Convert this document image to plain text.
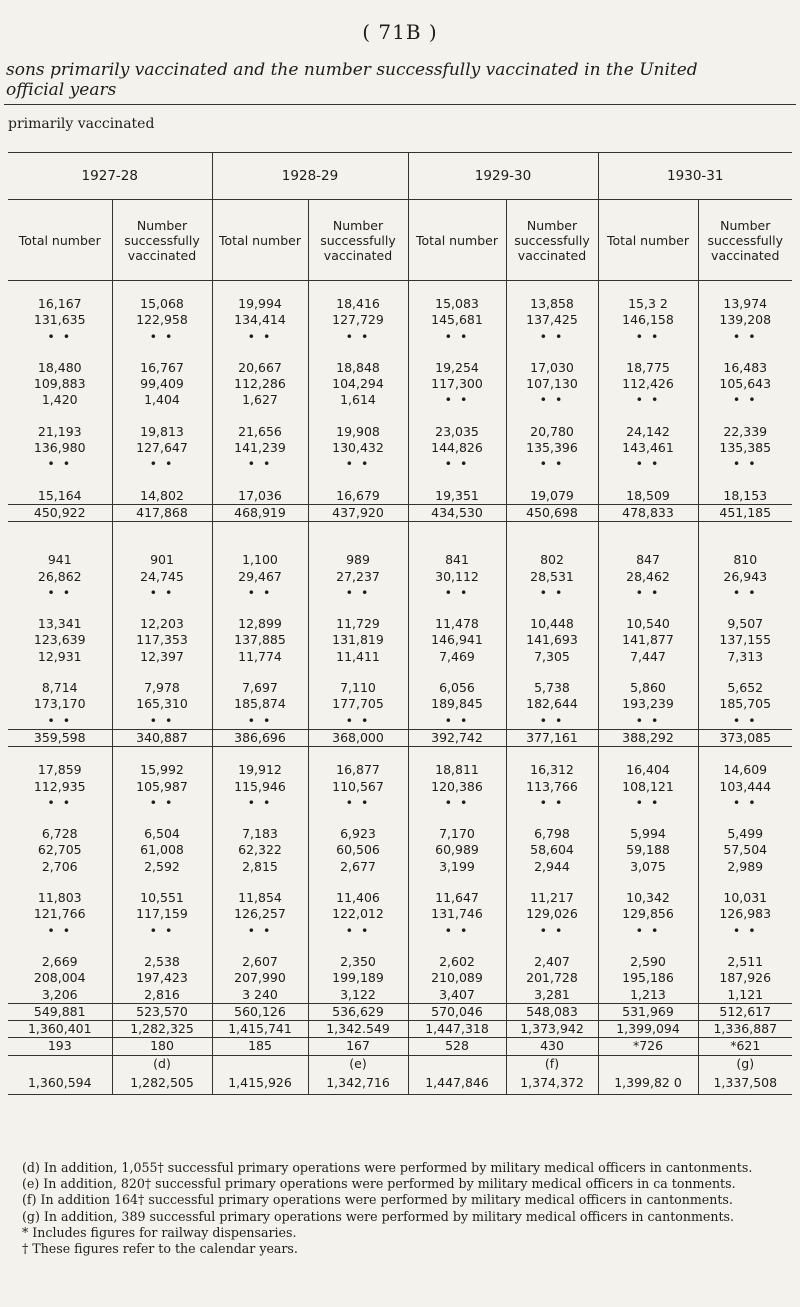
( 71B )
sons primarily vaccinated and the number successfully vaccinated in the United
official years
primarily vaccinated
1927-28		1928-29		1929-30		1930-31	
Total number	Number successfully vaccinated	Total number	Number successfully vaccinated	Total number	Number successfully vaccinated	Total number	Number successfully vaccinated

16,167	15,068	19,994	18,416	15,083	13,858	15,3 2	13,974
131,635	122,958	134,414	127,729	145,681	137,425	146,158	139,208
• •	• •	• •	• •	• •	• •	• •	• •

18,480	16,767	20,667	18,848	19,254	17,030	18,775	16,483
109,883	99,409	112,286	104,294	117,300	107,130	112,426	105,643
1,420	1,404	1,627	1,614	• •	• •	• •	• •

21,193	19,813	21,656	19,908	23,035	20,780	24,142	22,339
136,980	127,647	141,239	130,432	144,826	135,396	143,461	135,385
• •	• •	• •	• •	• •	• •	• •	• •

15,164	14,802	17,036	16,679	19,351	19,079	18,509	18,153
450,922	417,868	468,919	437,920	434,530	450,698	478,833	451,185

941	901	1,100	989	841	802	847	810
26,862	24,745	29,467	27,237	30,112	28,531	28,462	26,943
• •	• •	• •	• •	• •	• •	• •	• •

13,341	12,203	12,899	11,729	11,478	10,448	10,540	9,507
123,639	117,353	137,885	131,819	146,941	141,693	141,877	137,155
12,931	12,397	11,774	11,411	7,469	7,305	7,447	7,313

8,714	7,978	7,697	7,110	6,056	5,738	5,860	5,652
173,170	165,310	185,874	177,705	189,845	182,644	193,239	185,705
• •	• •	• •	• •	• •	• •	• •	• •
359,598	340,887	386,696	368,000	392,742	377,161	388,292	373,085

17,859	15,992	19,912	16,877	18,811	16,312	16,404	14,609
112,935	105,987	115,946	110,567	120,386	113,766	108,121	103,444
• •	• •	• •	• •	• •	• •	• •	• •

6,728	6,504	7,183	6,923	7,170	6,798	5,994	5,499
62,705	61,008	62,322	60,506	60,989	58,604	59,188	57,504
2,706	2,592	2,815	2,677	3,199	2,944	3,075	2,989

11,803	10,551	11,854	11,406	11,647	11,217	10,342	10,031
121,766	117,159	126,257	122,012	131,746	129,026	129,856	126,983
• •	• •	• •	• •	• •	• •	• •	• •

2,669	2,538	2,607	2,350	2,602	2,407	2,590	2,511
208,004	197,423	207,990	199,189	210,089	201,728	195,186	187,926
3,206	2,816	3 240	3,122	3,407	3,281	1,213	1,121
549,881	523,570	560,126	536,629	570,046	548,083	531,969	512,617
1,360,401	1,282,325	1,415,741	1,342.549	1,447,318	1,373,942	1,399,094	1,336,887
193	180	185	167	528	430	*726	*621
	(d)		(e)		(f)		(g)
1,360,594	1,282,505	1,415,926	1,342,716	1,447,846	1,374,372	1,399,82 0	1,337,508

(d) In addition, 1,055† successful primary operations were performed by military medical officers in cantonments.

(e) In addition, 820† successful primary operations were performed by military medical officers in ca tonments.

(f) In addition 164† successful primary operations were performed by military medical officers in cantonments.

(g) In addition, 389 successful primary operations were performed by military medical officers in cantonments.

* Includes figures for railway dispensaries.

† These figures refer to the calendar years.
